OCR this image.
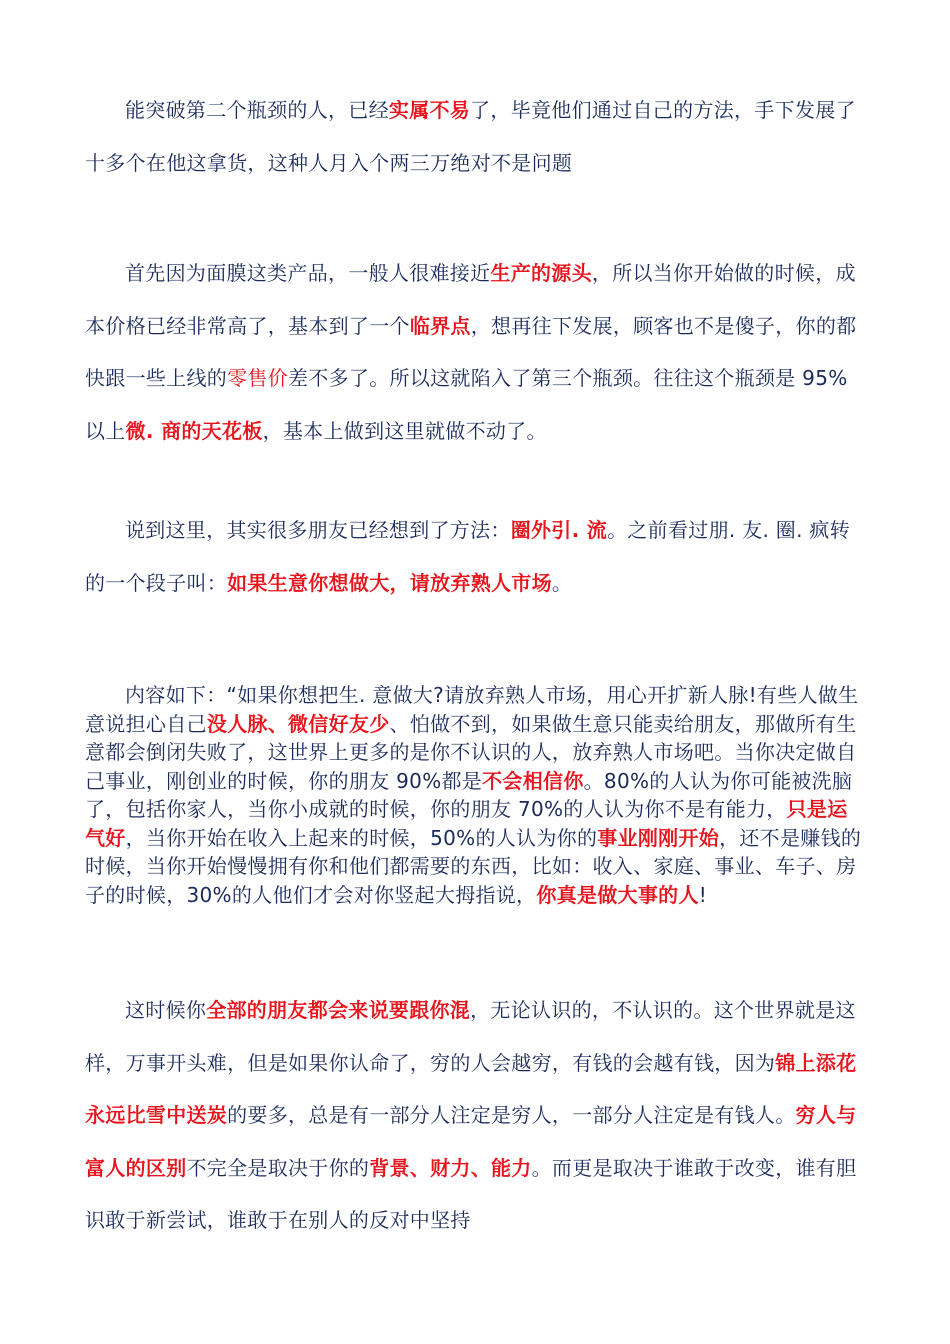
能突破第二个瓶颈的人，已经实属不易了，毕竟他们通过自己的方法，手下发展了十多个在他这拿货，这种人月入个两三万绝对不是问题

首先因为面膜这类产品，一般人很难接近生产的源头，所以当你开始做的时候，成本价格已经非常高了，基本到了一个临界点，想再往下发展，顾客也不是傻子，你的都快跟一些上线的零售价差不多了。所以这就陷入了第三个瓶颈。往往这个瓶颈是 95%以上微. 商的天花板，基本上做到这里就做不动了。

说到这里，其实很多朋友已经想到了方法：圈外引. 流。之前看过朋. 友. 圈. 疯转的一个段子叫：如果生意你想做大，请放弃熟人市场。

内容如下：“如果你想把生. 意做大?请放弃熟人市场，用心开扩新人脉!有些人做生意说担心自己没人脉、微信好友少、怕做不到，如果做生意只能卖给朋友，那做所有生意都会倒闭失败了，这世界上更多的是你不认识的人，放弃熟人市场吧。当你决定做自己事业，刚创业的时候，你的朋友 90%都是不会相信你。80%的人认为你可能被洗脑了，包括你家人，当你小成就的时候，你的朋友 70%的人认为你不是有能力，只是运气好，当你开始在收入上起来的时候，50%的人认为你的事业刚刚开始，还不是赚钱的时候，当你开始慢慢拥有你和他们都需要的东西，比如：收入、家庭、事业、车子、房子的时候，30%的人他们才会对你竖起大拇指说，你真是做大事的人!

这时候你全部的朋友都会来说要跟你混，无论认识的，不认识的。这个世界就是这样，万事开头难，但是如果你认命了，穷的人会越穷，有钱的会越有钱，因为锦上添花永远比雪中送炭的要多，总是有一部分人注定是穷人，一部分人注定是有钱人。穷人与富人的区别不完全是取决于你的背景、财力、能力。而更是取决于谁敢于改变，谁有胆识敢于新尝试，谁敢于在别人的反对中坚持
